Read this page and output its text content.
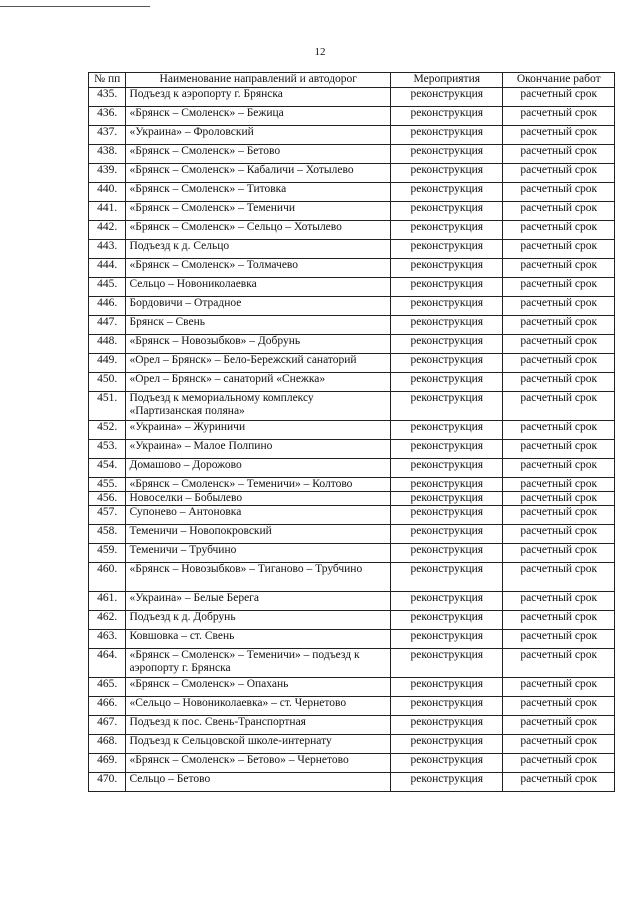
12
№ пп	Наименование направлений и автодорог	Мероприятия	Окончание работ
435.	Подъезд к аэропорту г. Брянска	реконструкция	расчетный срок
436.	«Брянск – Смоленск» – Бежица	реконструкция	расчетный срок
437.	«Украина» – Фроловский	реконструкция	расчетный срок
438.	«Брянск – Смоленск» – Бетово	реконструкция	расчетный срок
439.	«Брянск – Смоленск» – Кабаличи – Хотылево	реконструкция	расчетный срок
440.	«Брянск – Смоленск» – Титовка	реконструкция	расчетный срок
441.	«Брянск – Смоленск» – Теменичи	реконструкция	расчетный срок
442.	«Брянск – Смоленск» – Сельцо – Хотылево	реконструкция	расчетный срок
443.	Подъезд к д. Сельцо	реконструкция	расчетный срок
444.	«Брянск – Смоленск» – Толмачево	реконструкция	расчетный срок
445.	Сельцо – Новониколаевка	реконструкция	расчетный срок
446.	Бордовичи – Отрадное	реконструкция	расчетный срок
447.	Брянск – Свень	реконструкция	расчетный срок
448.	«Брянск – Новозыбков» – Добрунь	реконструкция	расчетный срок
449.	«Орел – Брянск» – Бело-Бережский санаторий	реконструкция	расчетный срок
450.	«Орел – Брянск» – санаторий «Снежка»	реконструкция	расчетный срок
451.	Подъезд к мемориальному комплексу «Партизанская поляна»	реконструкция	расчетный срок
452.	«Украина» – Журиничи	реконструкция	расчетный срок
453.	«Украина» – Малое Полпино	реконструкция	расчетный срок
454.	Домашово – Дорожово	реконструкция	расчетный срок
455.	«Брянск – Смоленск» – Теменичи» – Колтово	реконструкция	расчетный срок
456.	Новоселки – Бобылево	реконструкция	расчетный срок
457.	Супонево – Антоновка	реконструкция	расчетный срок
458.	Теменичи – Новопокровский	реконструкция	расчетный срок
459.	Теменичи – Трубчино	реконструкция	расчетный срок
460.	«Брянск – Новозыбков» – Тиганово – Трубчино	реконструкция	расчетный срок
461.	«Украина» – Белые Берега	реконструкция	расчетный срок
462.	Подъезд к д. Добрунь	реконструкция	расчетный срок
463.	Ковшовка – ст. Свень	реконструкция	расчетный срок
464.	«Брянск – Смоленск» – Теменичи» – подъезд к аэропорту г. Брянска	реконструкция	расчетный срок
465.	«Брянск – Смоленск» – Опахань	реконструкция	расчетный срок
466.	«Сельцо – Новониколаевка» – ст. Чернетово	реконструкция	расчетный срок
467.	Подъезд к пос. Свень-Транспортная	реконструкция	расчетный срок
468.	Подъезд к Сельцовской школе-интернату	реконструкция	расчетный срок
469.	«Брянск – Смоленск» – Бетово» – Чернетово	реконструкция	расчетный срок
470.	Сельцо – Бетово	реконструкция	расчетный срок
